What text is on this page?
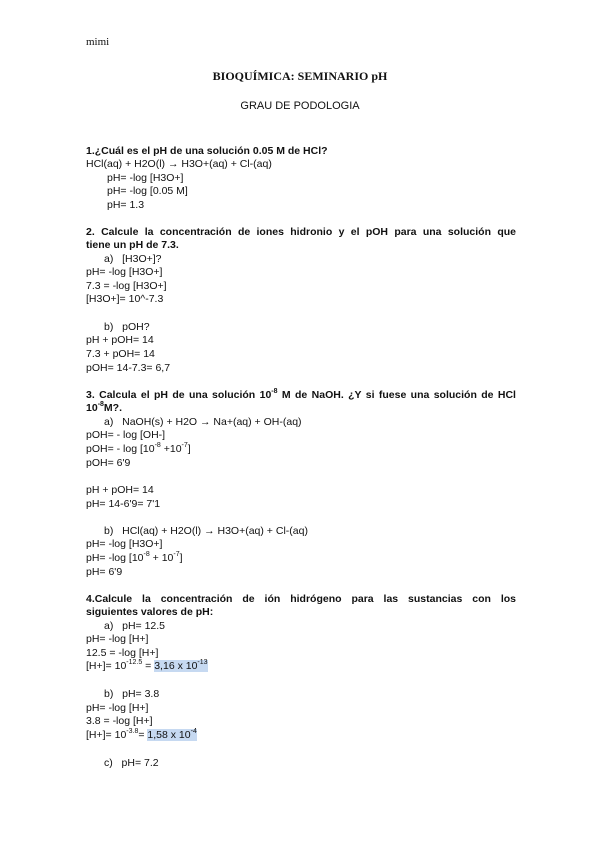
mimi
BIOQUÍMICA: SEMINARIO pH
GRAU DE PODOLOGIA
1.¿Cuál es el pH de una solución 0.05 M de HCl?
HCl(aq) + H2O(l) → H3O+(aq) + Cl-(aq)
pH= -log [H3O+]
pH= -log [0.05 M]
pH= 1.3
2. Calcule la concentración de iones hidronio y el pOH para una solución que
tiene un pH de 7.3.
a) [H3O+]?
pH= -log [H3O+]
7.3 = -log [H3O+]
[H3O+]= 10^-7.3
b) pOH?
pH + pOH= 14
7.3 + pOH= 14
pOH= 14-7.3= 6,7
3. Calcula el pH de una solución $10^{-8}$ M de NaOH. ¿Y si fuese una solución de HCl
$10^{-8}M$?.
a) NaOH(s) + H2O → Na+(aq) + OH-(aq)
pOH= - log [OH-]
$pOH= - \log [10^{-8} +10^{-7}]$
pOH= 6'9
pH + pOH= 14
pH= 14-6'9= 7'1
b) HCl(aq) + H2O(l) → H3O+(aq) + Cl-(aq)
pH= -log [H3O+]
pH= -log $[10^{-8} + 10^{-7}]$
pH= 6'9
4.Calcule la concentración de ión hidrógeno para las sustancias con los
siguientes valores de pH:
a) pH= 12.5
pH= -log [H+]
12.5 = -log [H+]
$[H+]= 10^{-12.5} = 3,16$ x $10^{-13}$
b) pH= 3.8
pH= -log [H+]
3.8 = -log [H+]
$[H+]= 10^{-3.8}= 1,58$ x $10^{-4}$
c) pH= 7.2
